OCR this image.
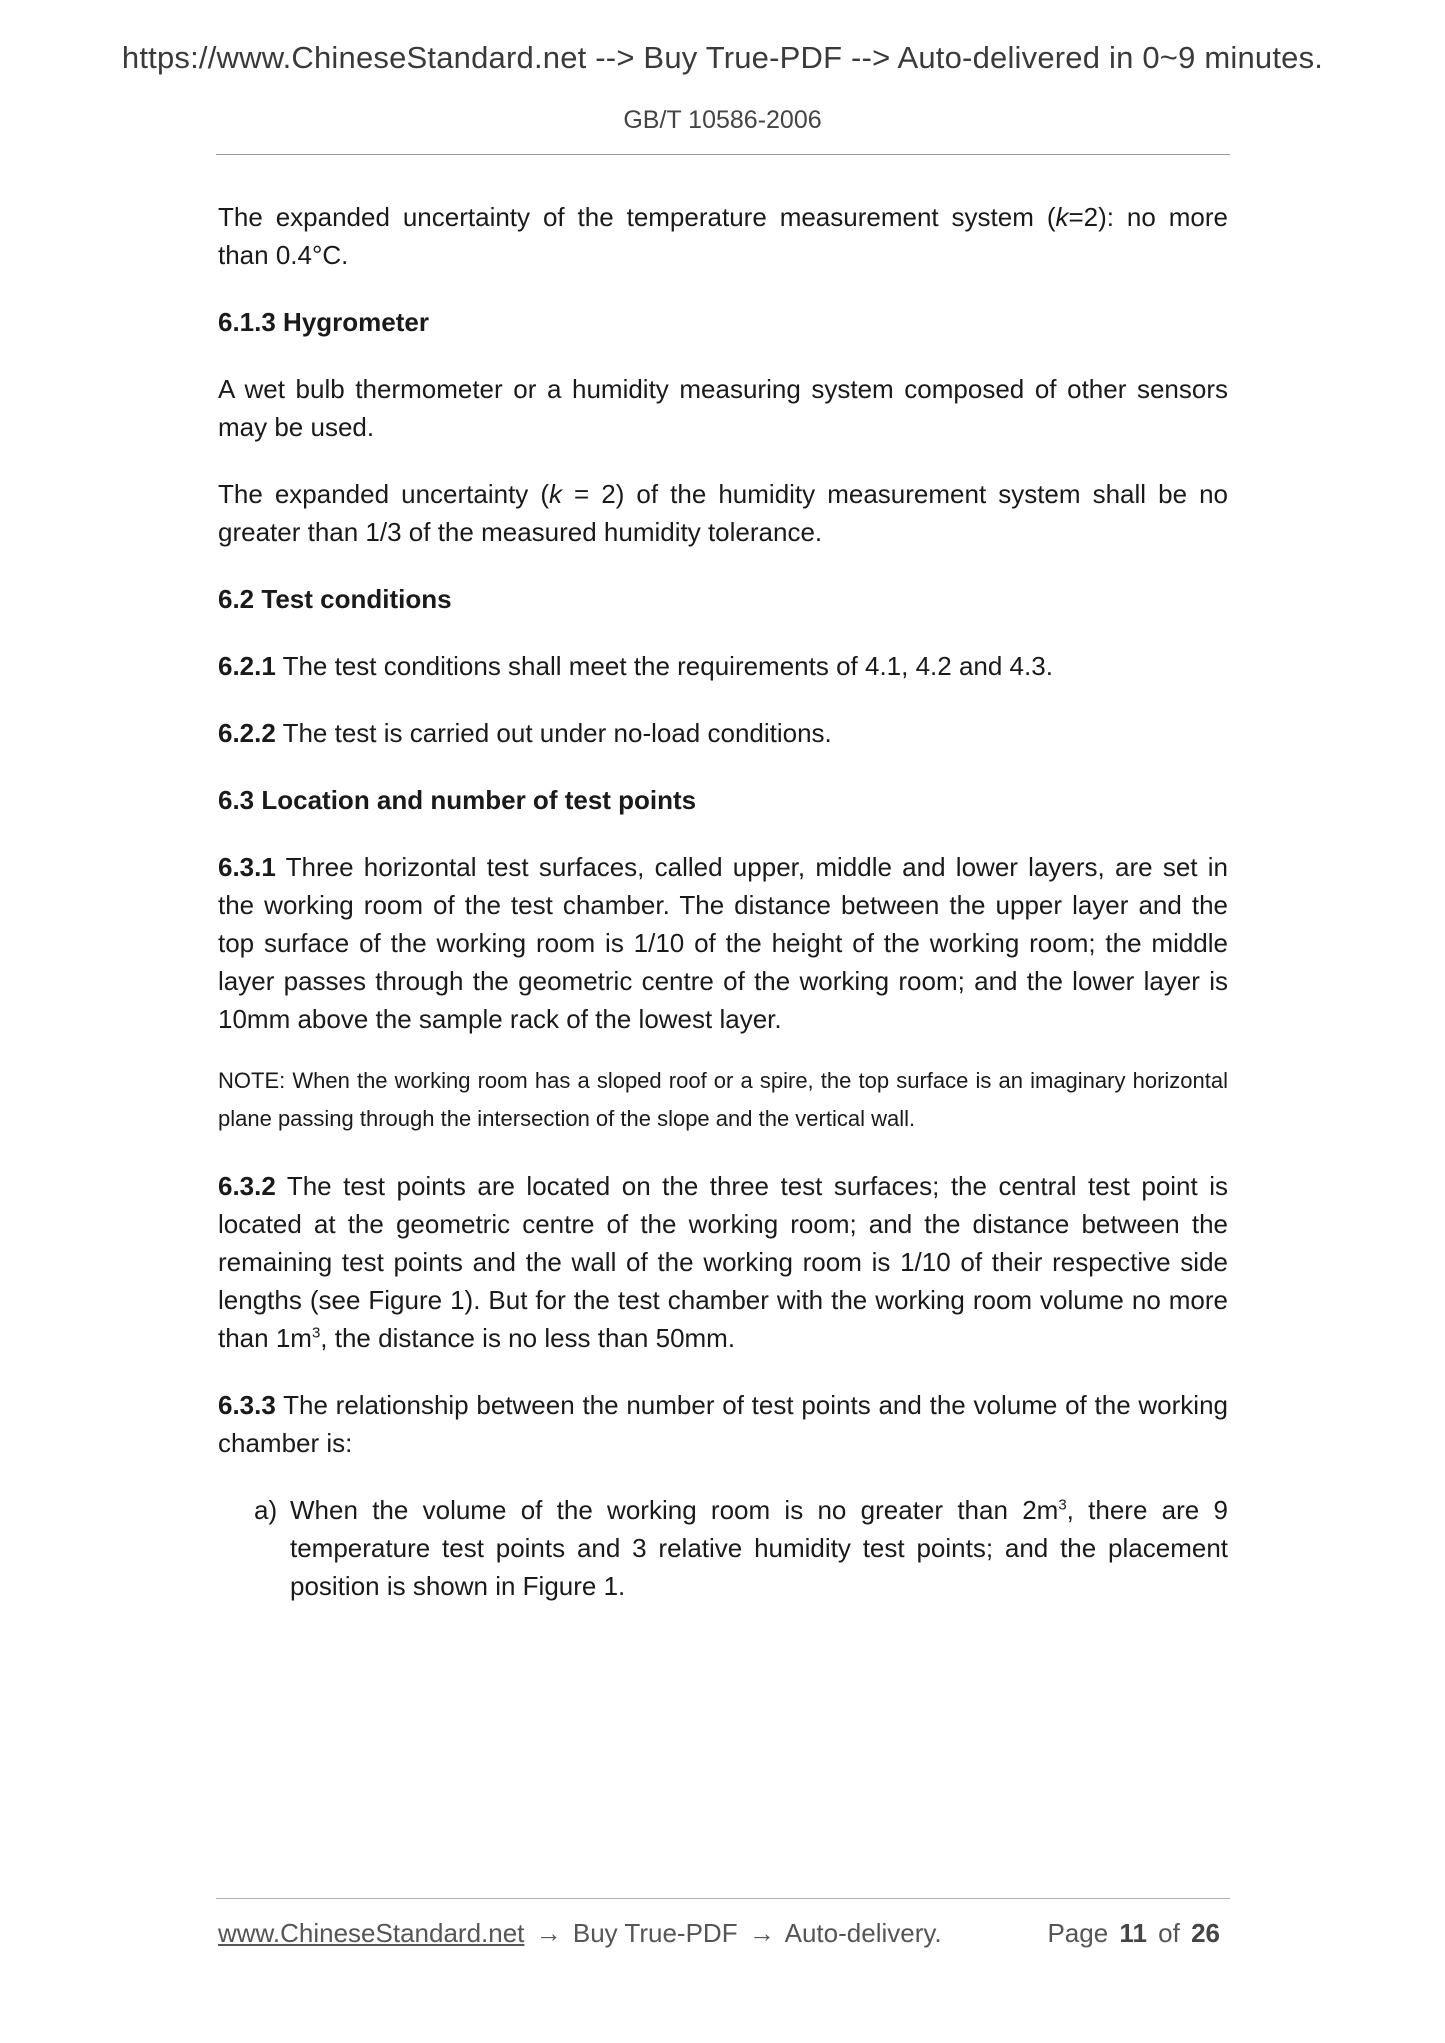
https://www.ChineseStandard.net --> Buy True-PDF --> Auto-delivered in 0~9 minutes.
GB/T 10586-2006

The expanded uncertainty of the temperature measurement system (k=2): no more than 0.4°C.

6.1.3 Hygrometer

A wet bulb thermometer or a humidity measuring system composed of other sensors may be used.

The expanded uncertainty (k = 2) of the humidity measurement system shall be no greater than 1/3 of the measured humidity tolerance.

6.2 Test conditions

6.2.1 The test conditions shall meet the requirements of 4.1, 4.2 and 4.3.

6.2.2 The test is carried out under no-load conditions.

6.3 Location and number of test points

6.3.1 Three horizontal test surfaces, called upper, middle and lower layers, are set in the working room of the test chamber. The distance between the upper layer and the top surface of the working room is 1/10 of the height of the working room; the middle layer passes through the geometric centre of the working room; and the lower layer is 10mm above the sample rack of the lowest layer.

NOTE: When the working room has a sloped roof or a spire, the top surface is an imaginary horizontal plane passing through the intersection of the slope and the vertical wall.

6.3.2 The test points are located on the three test surfaces; the central test point is located at the geometric centre of the working room; and the distance between the remaining test points and the wall of the working room is 1/10 of their respective side lengths (see Figure 1). But for the test chamber with the working room volume no more than $1m^3$, the distance is no less than 50mm.

6.3.3 The relationship between the number of test points and the volume of the working chamber is:

a) When the volume of the working room is no greater than $2m^3$, there are 9 temperature test points and 3 relative humidity test points; and the placement position is shown in Figure 1.

www.ChineseStandard.net → Buy True-PDF → Auto-delivery.	Page 11 of 26
